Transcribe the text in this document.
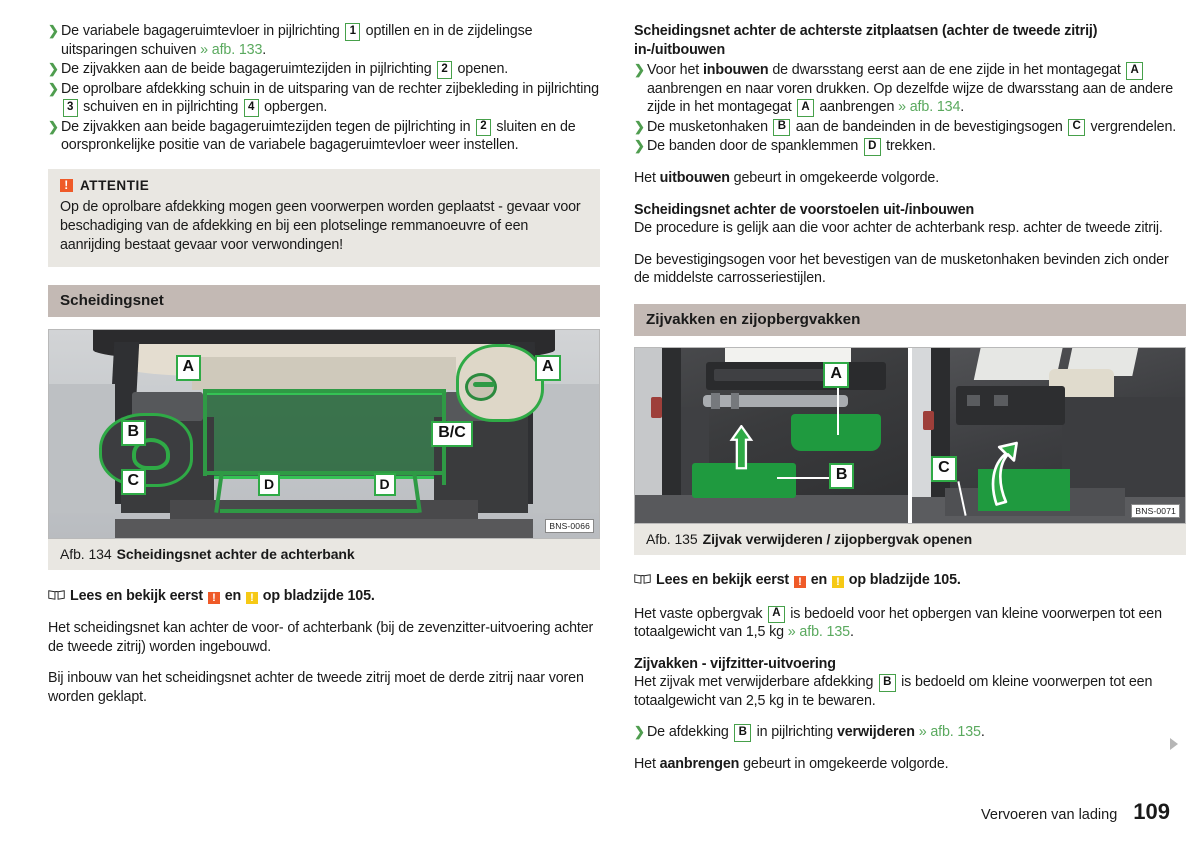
❯ De variabele bagageruimtevloer in pijlrichting 1 optillen en in de zijdelingse uitsparingen schuiven » afb. 133.
❯ De zijvakken aan de beide bagageruimtezijden in pijlrichting 2 openen.
❯ De oprolbare afdekking schuin in de uitsparing van de rechter zijbekleding in pijlrichting 3 schuiven en in pijlrichting 4 opbergen.
❯ De zijvakken aan beide bagageruimtezijden tegen de pijlrichting in 2 sluiten en de oorspronkelijke positie van de variabele bagageruimtevloer weer instellen.
! ATTENTIE
Op de oprolbare afdekking mogen geen voorwerpen worden geplaatst - gevaar voor beschadiging van de afdekking en bij een plotselinge remmanoeuvre of een aanrijding bestaat gevaar voor verwondingen!
Scheidingsnet
A	A
B
C
B/C
D	D
BNS-0066
Afb. 134 Scheidingsnet achter de achterbank
Lees en bekijk eerst ! en ! op bladzijde 105.

Het scheidingsnet kan achter de voor- of achterbank (bij de zevenzitter-uitvoering achter de tweede zitrij) worden ingebouwd.

Bij inbouw van het scheidingsnet achter de tweede zitrij moet de derde zitrij naar voren worden geklapt.

Scheidingsnet achter de achterste zitplaatsen (achter de tweede zitrij)
in-/uitbouwen
❯ Voor het inbouwen de dwarsstang eerst aan de ene zijde in het montagegat A aanbrengen en naar voren drukken. Op dezelfde wijze de dwarsstang aan de andere zijde in het montagegat A aanbrengen » afb. 134.
❯ De musketonhaken B aan de bandeinden in de bevestigingsogen C vergrendelen.
❯ De banden door de spanklemmen D trekken.

Het uitbouwen gebeurt in omgekeerde volgorde.

Scheidingsnet achter de voorstoelen uit-/inbouwen

De procedure is gelijk aan die voor achter de achterbank resp. achter de tweede zitrij.

De bevestigingsogen voor het bevestigen van de musketonhaken bevinden zich onder de middelste carrosseriestijlen.

Zijvakken en zijopbergvakken
A
B	C
BNS-0071
Afb. 135 Zijvak verwijderen / zijopbergvak openen
Lees en bekijk eerst ! en ! op bladzijde 105.

Het vaste opbergvak A is bedoeld voor het opbergen van kleine voorwerpen tot een totaalgewicht van 1,5 kg » afb. 135.

Zijvakken - vijfzitter-uitvoering

Het zijvak met verwijderbare afdekking B is bedoeld om kleine voorwerpen tot een totaalgewicht van 2,5 kg in te bewaren.

❯ De afdekking B in pijlrichting verwijderen » afb. 135.

Het aanbrengen gebeurt in omgekeerde volgorde.

Vervoeren van lading 109
